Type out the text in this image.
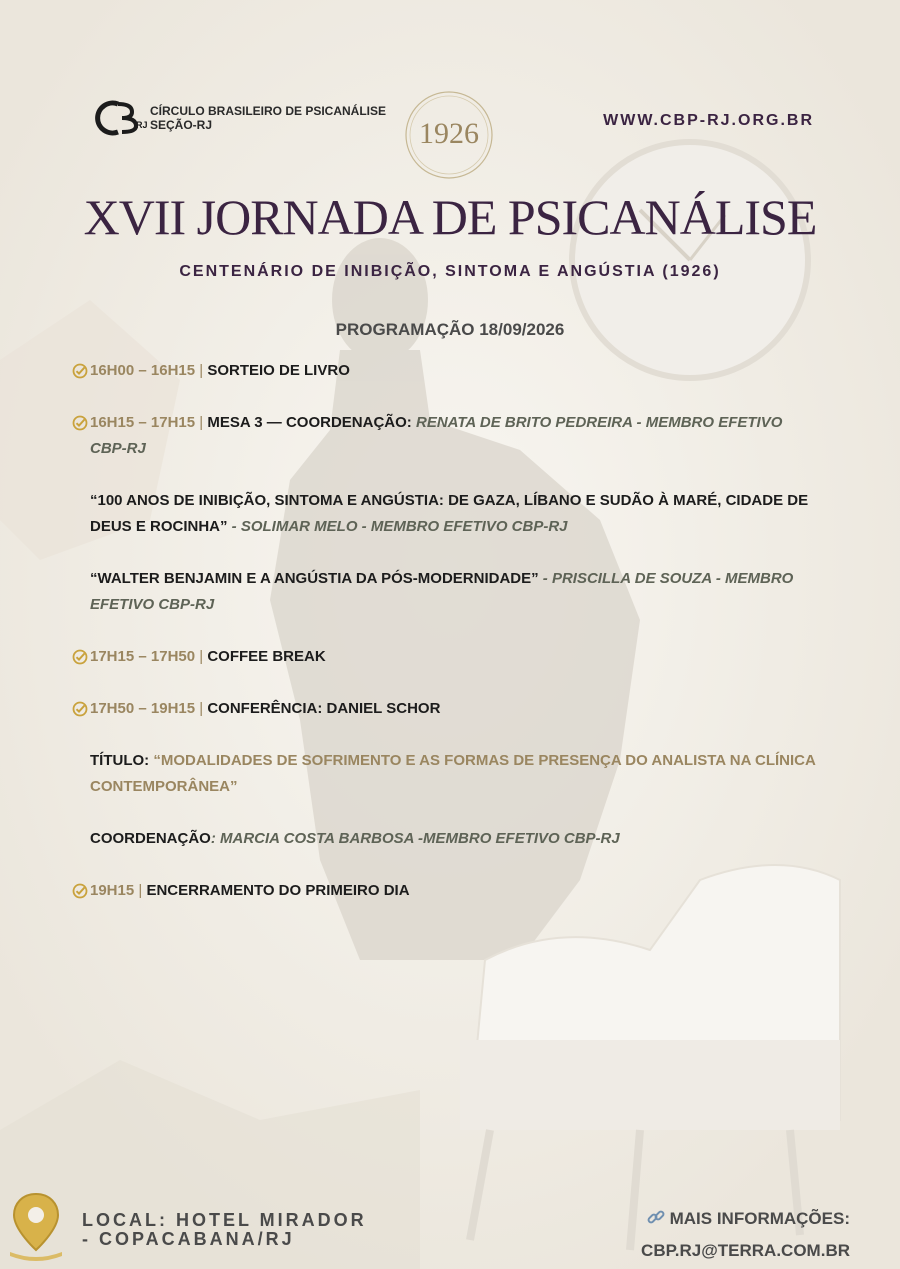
RJ
CÍRCULO BRASILEIRO DE PSICANÁLISE
SEÇÃO-RJ	1926	WWW.CBP-RJ.ORG.BR
XVII JORNADA DE PSICANÁLISE
CENTENÁRIO DE INIBIÇÃO, SINTOMA E ANGÚSTIA (1926)
PROGRAMAÇÃO 18/09/2026
16H00 – 16H15 | SORTEIO DE LIVRO
16H15 – 17H15 | MESA 3 — COORDENAÇÃO: RENATA DE BRITO PEDREIRA - MEMBRO EFETIVO CBP-RJ
“100 ANOS DE INIBIÇÃO, SINTOMA E ANGÚSTIA: DE GAZA, LÍBANO E SUDÃO À MARÉ, CIDADE DE DEUS E ROCINHA” - SOLIMAR MELO - MEMBRO EFETIVO CBP-RJ
“WALTER BENJAMIN E A ANGÚSTIA DA PÓS-MODERNIDADE” - PRISCILLA DE SOUZA - MEMBRO EFETIVO CBP-RJ
17H15 – 17H50 | COFFEE BREAK
17H50 – 19H15 | CONFERÊNCIA: DANIEL SCHOR
TÍTULO: “MODALIDADES DE SOFRIMENTO E AS FORMAS DE PRESENÇA DO ANALISTA NA CLÍNICA CONTEMPORÂNEA”
COORDENAÇÃO: MARCIA COSTA BARBOSA -MEMBRO EFETIVO CBP-RJ
19H15 | ENCERRAMENTO DO PRIMEIRO DIA
LOCAL: HOTEL MIRADOR
- COPACABANA/RJ
MAIS INFORMAÇÕES:
CBP.RJ@TERRA.COM.BR
